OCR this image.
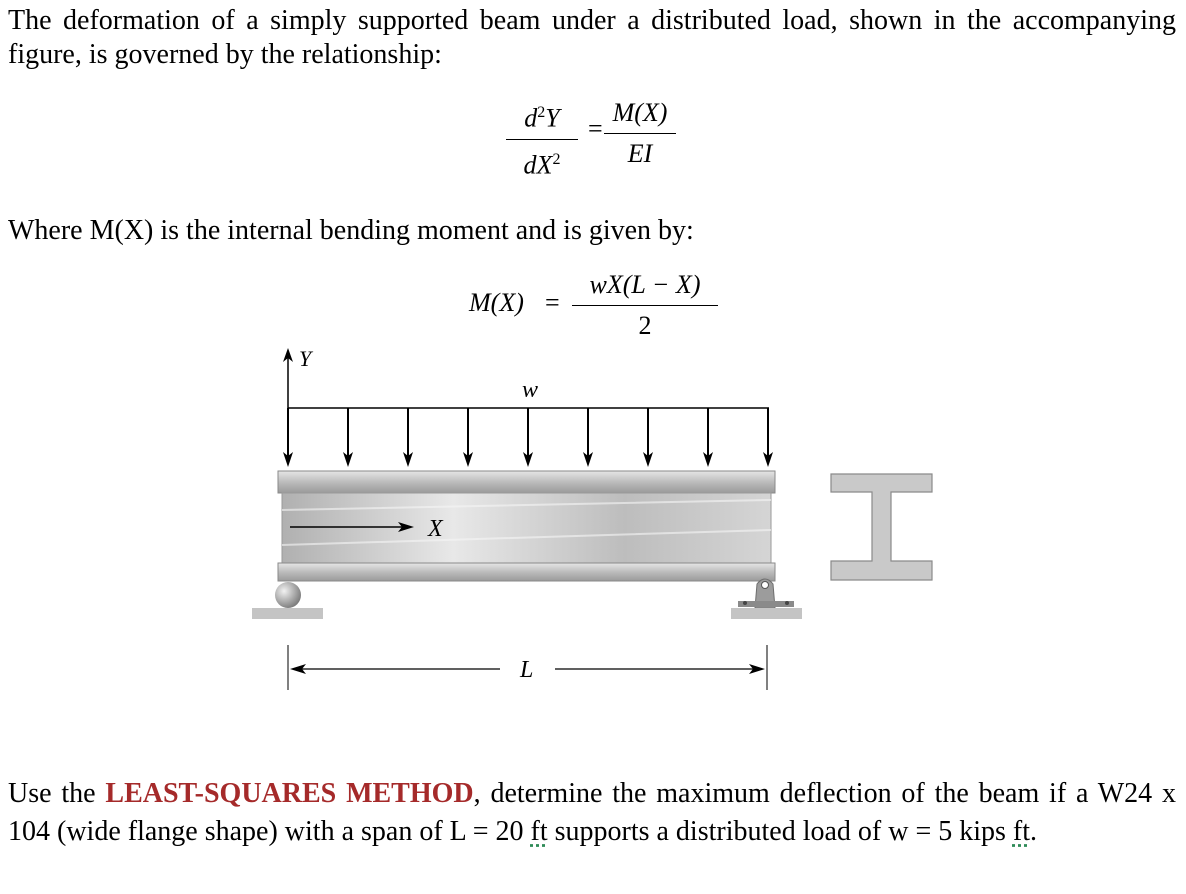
The deformation of a simply supported beam under a distributed load, shown in the accompanying figure, is governed by the relationship:
$d^2Y$
$dX^2$
=
M(X)
EI
Where M(X) is the internal bending moment and is given by:
M(X) =
wX(L − X)
2
Y
w
X
L
Use the LEAST-SQUARES METHOD, determine the maximum deflection of the beam if a W24 x 104 (wide flange shape) with a span of L = 20 ft supports a distributed load of w = 5 kips ft.
